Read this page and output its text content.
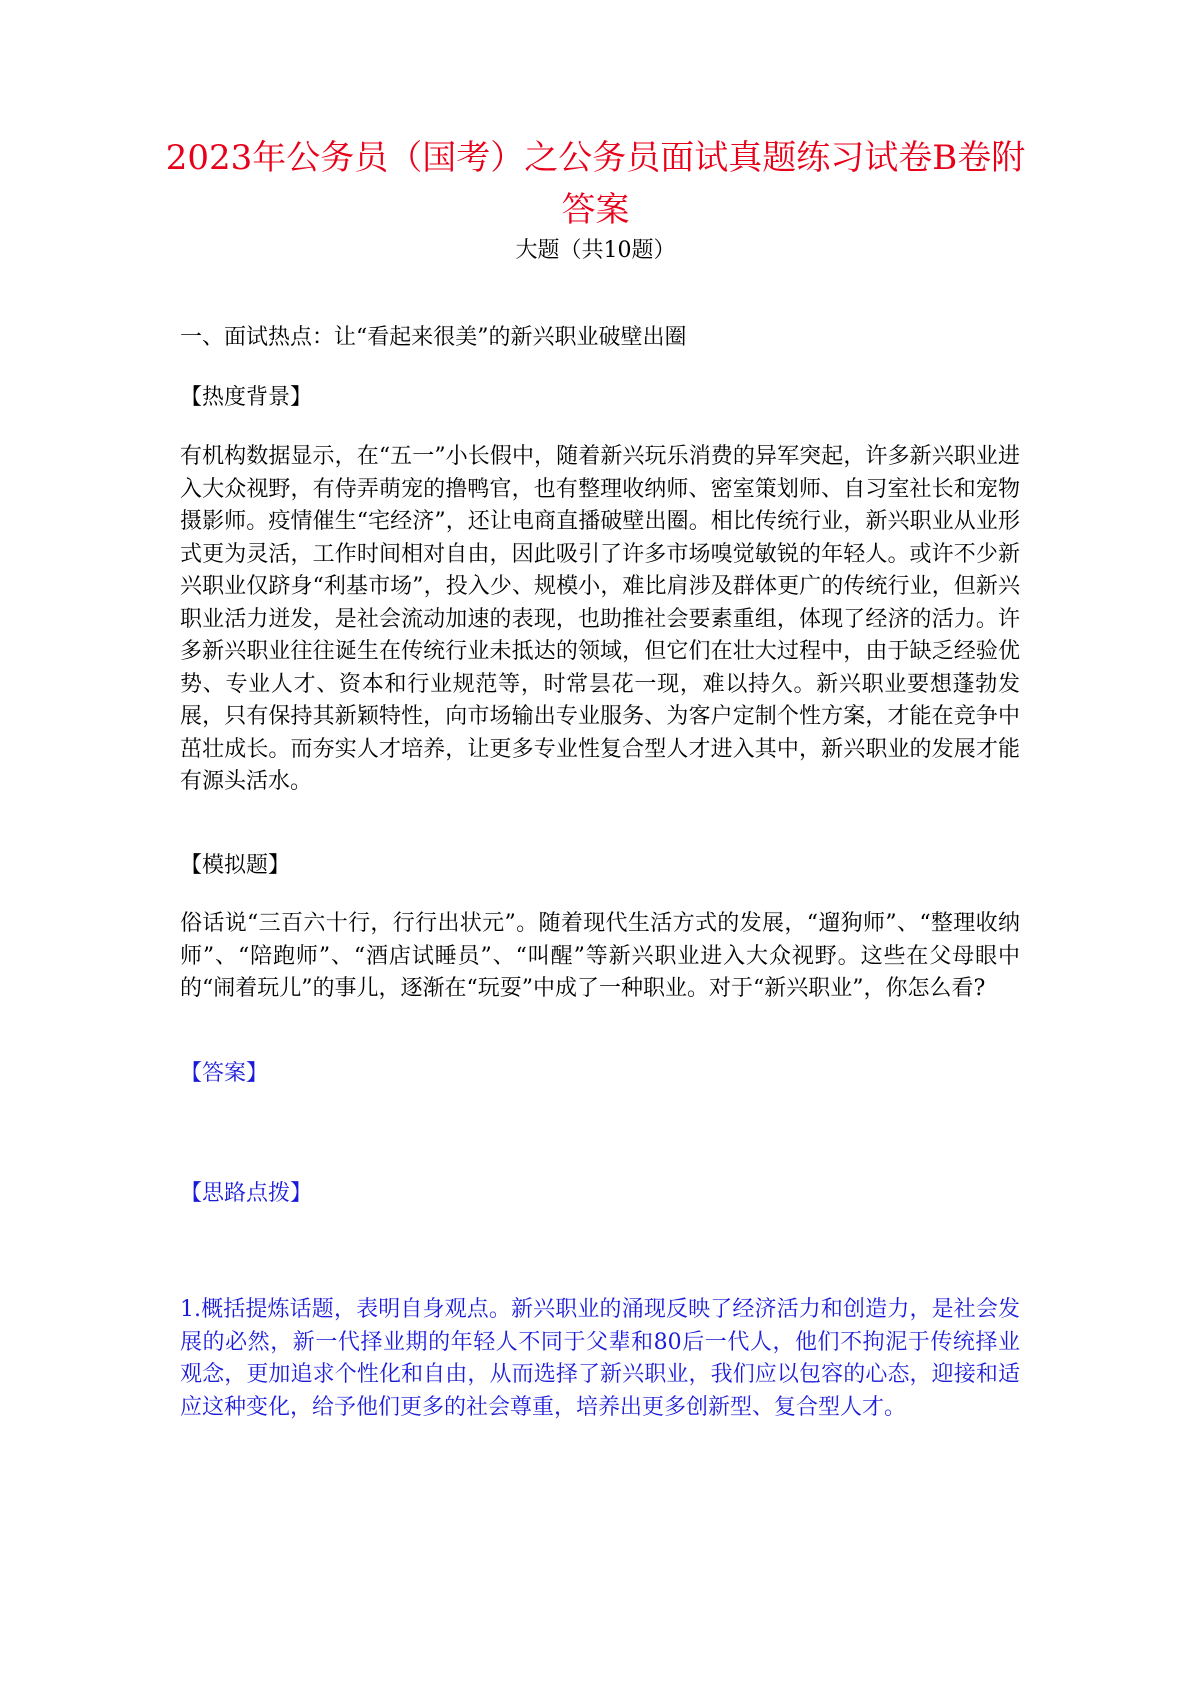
2023年公务员（国考）之公务员面试真题练习试卷B卷附答案
大题（共10题）
一、面试热点：让“看起来很美”的新兴职业破壁出圈
【热度背景】
有机构数据显示，在“五一”小长假中，随着新兴玩乐消费的异军突起，许多新兴职业进入大众视野，有侍弄萌宠的撸鸭官，也有整理收纳师、密室策划师、自习室社长和宠物摄影师。疫情催生“宅经济”，还让电商直播破壁出圈。相比传统行业，新兴职业从业形式更为灵活，工作时间相对自由，因此吸引了许多市场嗅觉敏锐的年轻人。或许不少新兴职业仅跻身“利基市场”，投入少、规模小，难比肩涉及群体更广的传统行业，但新兴职业活力迸发，是社会流动加速的表现，也助推社会要素重组，体现了经济的活力。许多新兴职业往往诞生在传统行业未抵达的领域，但它们在壮大过程中，由于缺乏经验优势、专业人才、资本和行业规范等，时常昙花一现，难以持久。新兴职业要想蓬勃发展，只有保持其新颖特性，向市场输出专业服务、为客户定制个性方案，才能在竞争中茁壮成长。而夯实人才培养，让更多专业性复合型人才进入其中，新兴职业的发展才能有源头活水。
【模拟题】
俗话说“三百六十行，行行出状元”。随着现代生活方式的发展，“遛狗师”、“整理收纳师”、“陪跑师”、“酒店试睡员”、“叫醒”等新兴职业进入大众视野。这些在父母眼中的“闹着玩儿”的事儿，逐渐在“玩耍”中成了一种职业。对于“新兴职业”，你怎么看?
【答案】
【思路点拨】
1.概括提炼话题，表明自身观点。新兴职业的涌现反映了经济活力和创造力，是社会发展的必然，新一代择业期的年轻人不同于父辈和80后一代人，他们不拘泥于传统择业观念，更加追求个性化和自由，从而选择了新兴职业，我们应以包容的心态，迎接和适应这种变化，给予他们更多的社会尊重，培养出更多创新型、复合型人才。
